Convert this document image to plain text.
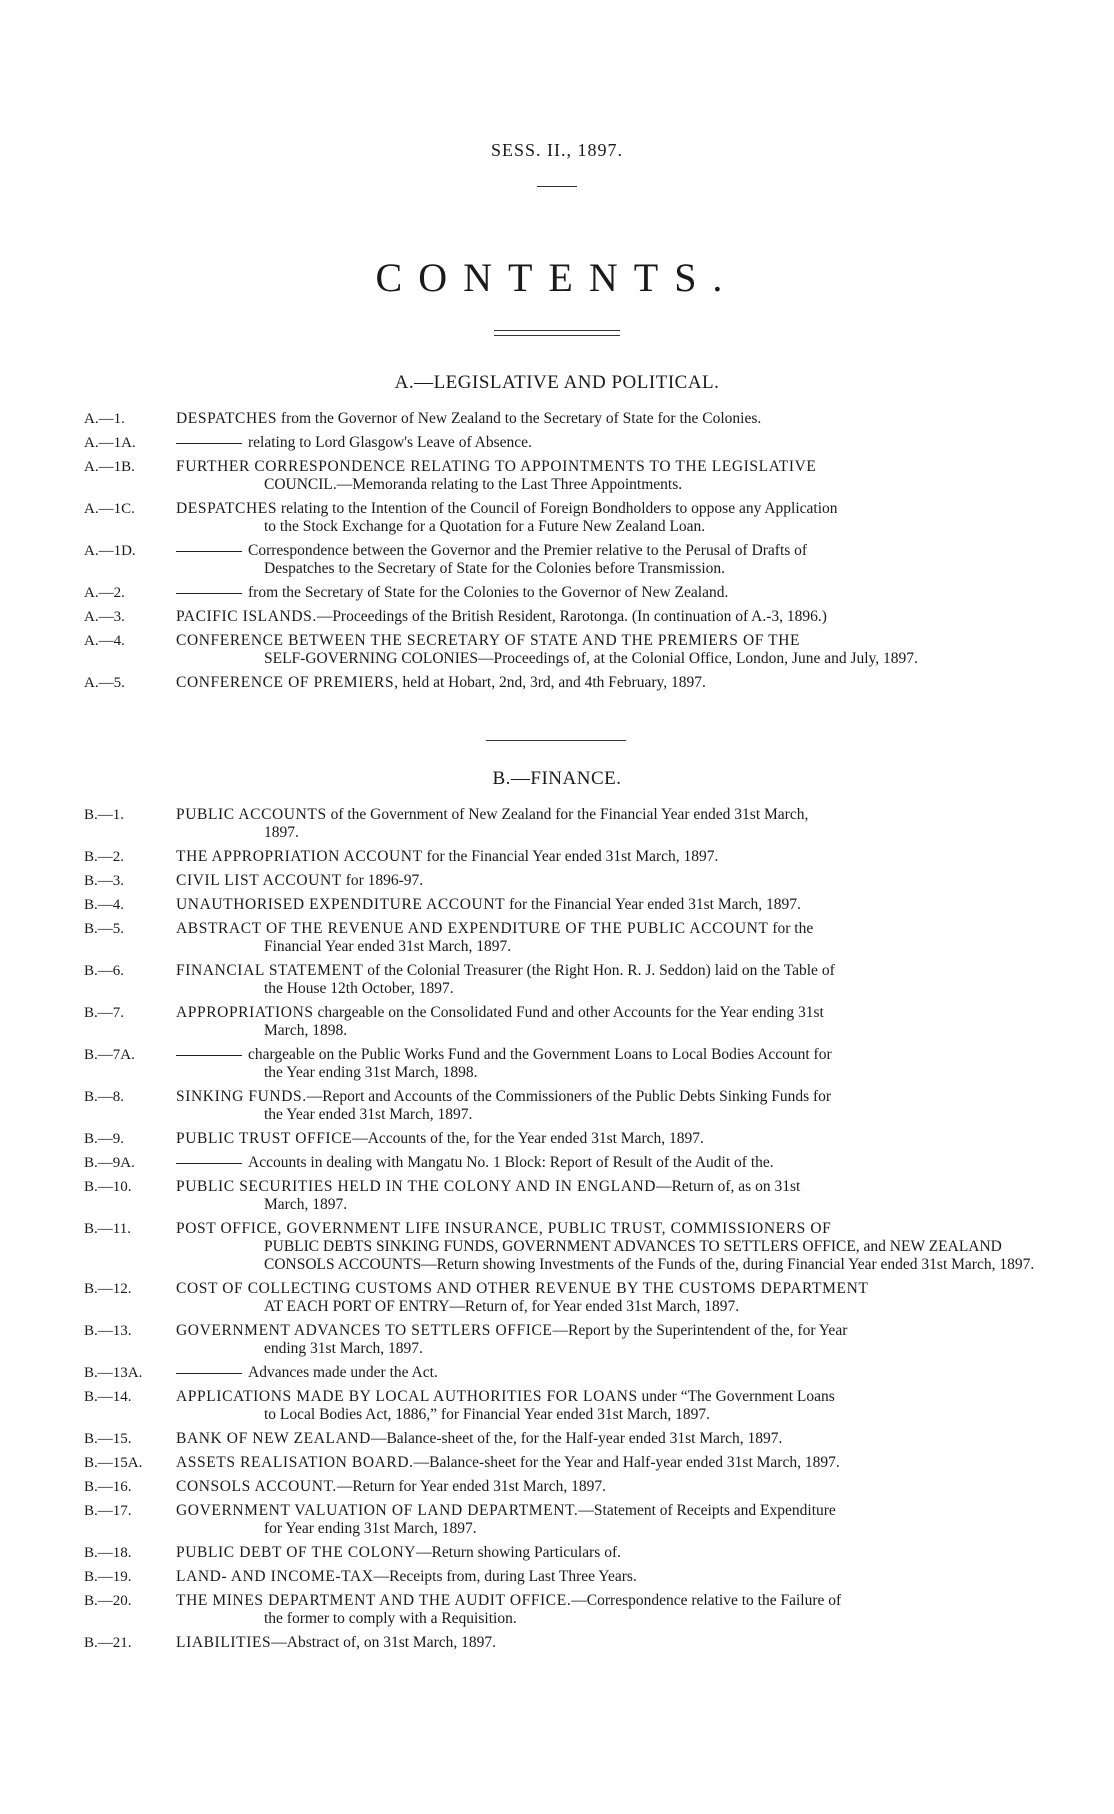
SESS. II., 1897.
CONTENTS.
A.—LEGISLATIVE AND POLITICAL.
A.—1.	DESPATCHES from the Governor of New Zealand to the Secretary of State for the Colonies.
A.—1A.	relating to Lord Glasgow's Leave of Absence.
A.—1B.	FURTHER CORRESPONDENCE RELATING TO APPOINTMENTS TO THE LEGISLATIVE
COUNCIL.—Memoranda relating to the Last Three Appointments.
A.—1C.	DESPATCHES relating to the Intention of the Council of Foreign Bondholders to oppose any Application
to the Stock Exchange for a Quotation for a Future New Zealand Loan.
A.—1D.	Correspondence between the Governor and the Premier relative to the Perusal of Drafts of
Despatches to the Secretary of State for the Colonies before Transmission.
A.—2.	from the Secretary of State for the Colonies to the Governor of New Zealand.
A.—3.	PACIFIC ISLANDS.—Proceedings of the British Resident, Rarotonga. (In continuation of A.-3, 1896.)
A.—4.	CONFERENCE BETWEEN THE SECRETARY OF STATE AND THE PREMIERS OF THE
SELF-GOVERNING COLONIES—Proceedings of, at the Colonial Office, London, June and July, 1897.
A.—5.	CONFERENCE OF PREMIERS, held at Hobart, 2nd, 3rd, and 4th February, 1897.
B.—FINANCE.
B.—1.	PUBLIC ACCOUNTS of the Government of New Zealand for the Financial Year ended 31st March,
1897.
B.—2.	THE APPROPRIATION ACCOUNT for the Financial Year ended 31st March, 1897.
B.—3.	CIVIL LIST ACCOUNT for 1896-97.
B.—4.	UNAUTHORISED EXPENDITURE ACCOUNT for the Financial Year ended 31st March, 1897.
B.—5.	ABSTRACT OF THE REVENUE AND EXPENDITURE OF THE PUBLIC ACCOUNT for the
Financial Year ended 31st March, 1897.
B.—6.	FINANCIAL STATEMENT of the Colonial Treasurer (the Right Hon. R. J. Seddon) laid on the Table of
the House 12th October, 1897.
B.—7.	APPROPRIATIONS chargeable on the Consolidated Fund and other Accounts for the Year ending 31st
March, 1898.
B.—7A.	chargeable on the Public Works Fund and the Government Loans to Local Bodies Account for
the Year ending 31st March, 1898.
B.—8.	SINKING FUNDS.—Report and Accounts of the Commissioners of the Public Debts Sinking Funds for
the Year ended 31st March, 1897.
B.—9.	PUBLIC TRUST OFFICE—Accounts of the, for the Year ended 31st March, 1897.
B.—9A.	Accounts in dealing with Mangatu No. 1 Block: Report of Result of the Audit of the.
B.—10.	PUBLIC SECURITIES HELD IN THE COLONY AND IN ENGLAND—Return of, as on 31st
March, 1897.
B.—11.	POST OFFICE, GOVERNMENT LIFE INSURANCE, PUBLIC TRUST, COMMISSIONERS OF
PUBLIC DEBTS SINKING FUNDS, GOVERNMENT ADVANCES TO SETTLERS OFFICE, and NEW ZEALAND CONSOLS ACCOUNTS—Return showing Investments of the Funds of the, during Financial Year ended 31st March, 1897.
B.—12.	COST OF COLLECTING CUSTOMS AND OTHER REVENUE BY THE CUSTOMS DEPARTMENT
AT EACH PORT OF ENTRY—Return of, for Year ended 31st March, 1897.
B.—13.	GOVERNMENT ADVANCES TO SETTLERS OFFICE—Report by the Superintendent of the, for Year
ending 31st March, 1897.
B.—13A.	Advances made under the Act.
B.—14.	APPLICATIONS MADE BY LOCAL AUTHORITIES FOR LOANS under “The Government Loans
to Local Bodies Act, 1886,” for Financial Year ended 31st March, 1897.
B.—15.	BANK OF NEW ZEALAND—Balance-sheet of the, for the Half-year ended 31st March, 1897.
B.—15A.	ASSETS REALISATION BOARD.—Balance-sheet for the Year and Half-year ended 31st March, 1897.
B.—16.	CONSOLS ACCOUNT.—Return for Year ended 31st March, 1897.
B.—17.	GOVERNMENT VALUATION OF LAND DEPARTMENT.—Statement of Receipts and Expenditure
for Year ending 31st March, 1897.
B.—18.	PUBLIC DEBT OF THE COLONY—Return showing Particulars of.
B.—19.	LAND- AND INCOME-TAX—Receipts from, during Last Three Years.
B.—20.	THE MINES DEPARTMENT AND THE AUDIT OFFICE.—Correspondence relative to the Failure of
the former to comply with a Requisition.
B.—21.	LIABILITIES—Abstract of, on 31st March, 1897.
